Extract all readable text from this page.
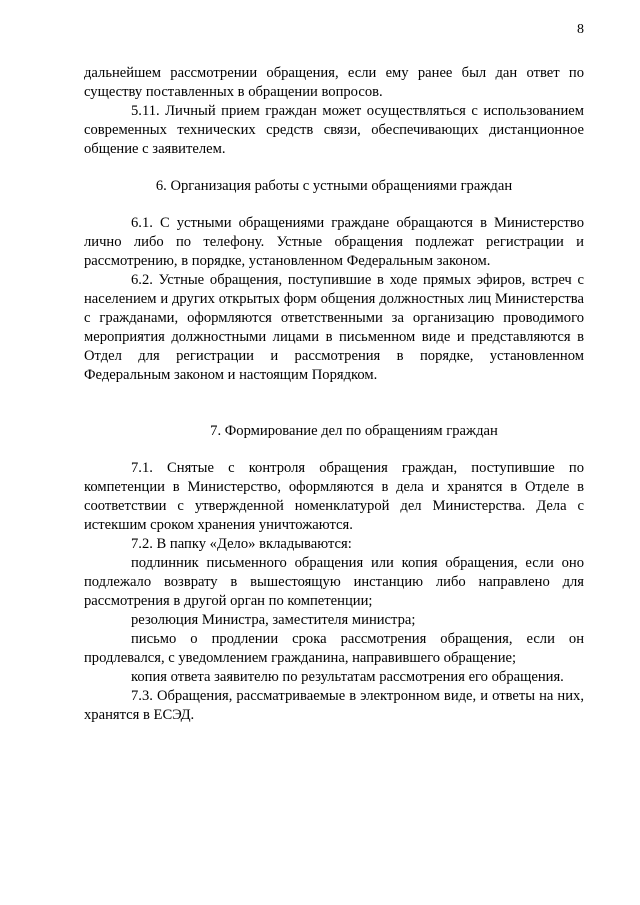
8

дальнейшем рассмотрении обращения, если ему ранее был дан ответ по существу поставленных в обращении вопросов.

5.11. Личный прием граждан может осуществляться с использованием современных технических средств связи, обеспечивающих дистанционное общение с заявителем.

6. Организация работы с устными обращениями граждан

6.1. С устными обращениями граждане обращаются в Министерство лично либо по телефону. Устные обращения подлежат регистрации и рассмотрению, в порядке, установленном Федеральным законом.

6.2. Устные обращения, поступившие в ходе прямых эфиров, встреч с населением и других открытых форм общения должностных лиц Министерства с гражданами, оформляются ответственными за организацию проводимого мероприятия должностными лицами в письменном виде и представляются в Отдел для регистрации и рассмотрения в порядке, установленном Федеральным законом и настоящим Порядком.

7. Формирование дел по обращениям граждан

7.1. Снятые с контроля обращения граждан, поступившие по компетенции в Министерство, оформляются в дела и хранятся в Отделе в соответствии с утвержденной номенклатурой дел Министерства. Дела с истекшим сроком хранения уничтожаются.

7.2. В папку «Дело» вкладываются:

подлинник письменного обращения или копия обращения, если оно подлежало возврату в вышестоящую инстанцию либо направлено для рассмотрения в другой орган по компетенции;

резолюция Министра, заместителя министра;

письмо о продлении срока рассмотрения обращения, если он продлевался, с уведомлением гражданина, направившего обращение;

копия ответа заявителю по результатам рассмотрения его обращения.

7.3. Обращения, рассматриваемые в электронном виде, и ответы на них, хранятся в ЕСЭД.
